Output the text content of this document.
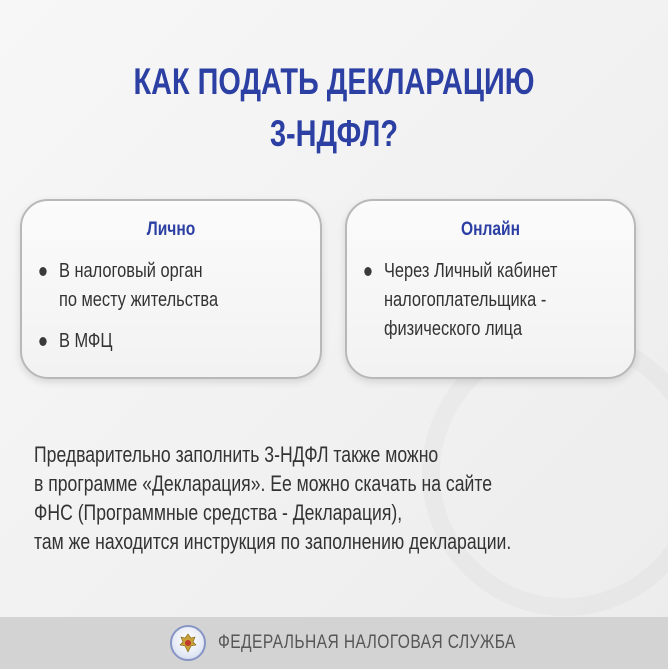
КАК ПОДАТЬ ДЕКЛАРАЦИЮ
3-НДФЛ?
Лично
В налоговый орган
по месту жительства
В МФЦ
Онлайн
Через Личный кабинет
налогоплательщика -
физического лица
Предварительно заполнить 3-НДФЛ также можно
в программе «Декларация». Ее можно скачать на сайте
ФНС (Программные средства - Декларация),
там же находится инструкция по заполнению декларации.
ФЕДЕРАЛЬНАЯ НАЛОГОВАЯ СЛУЖБА
